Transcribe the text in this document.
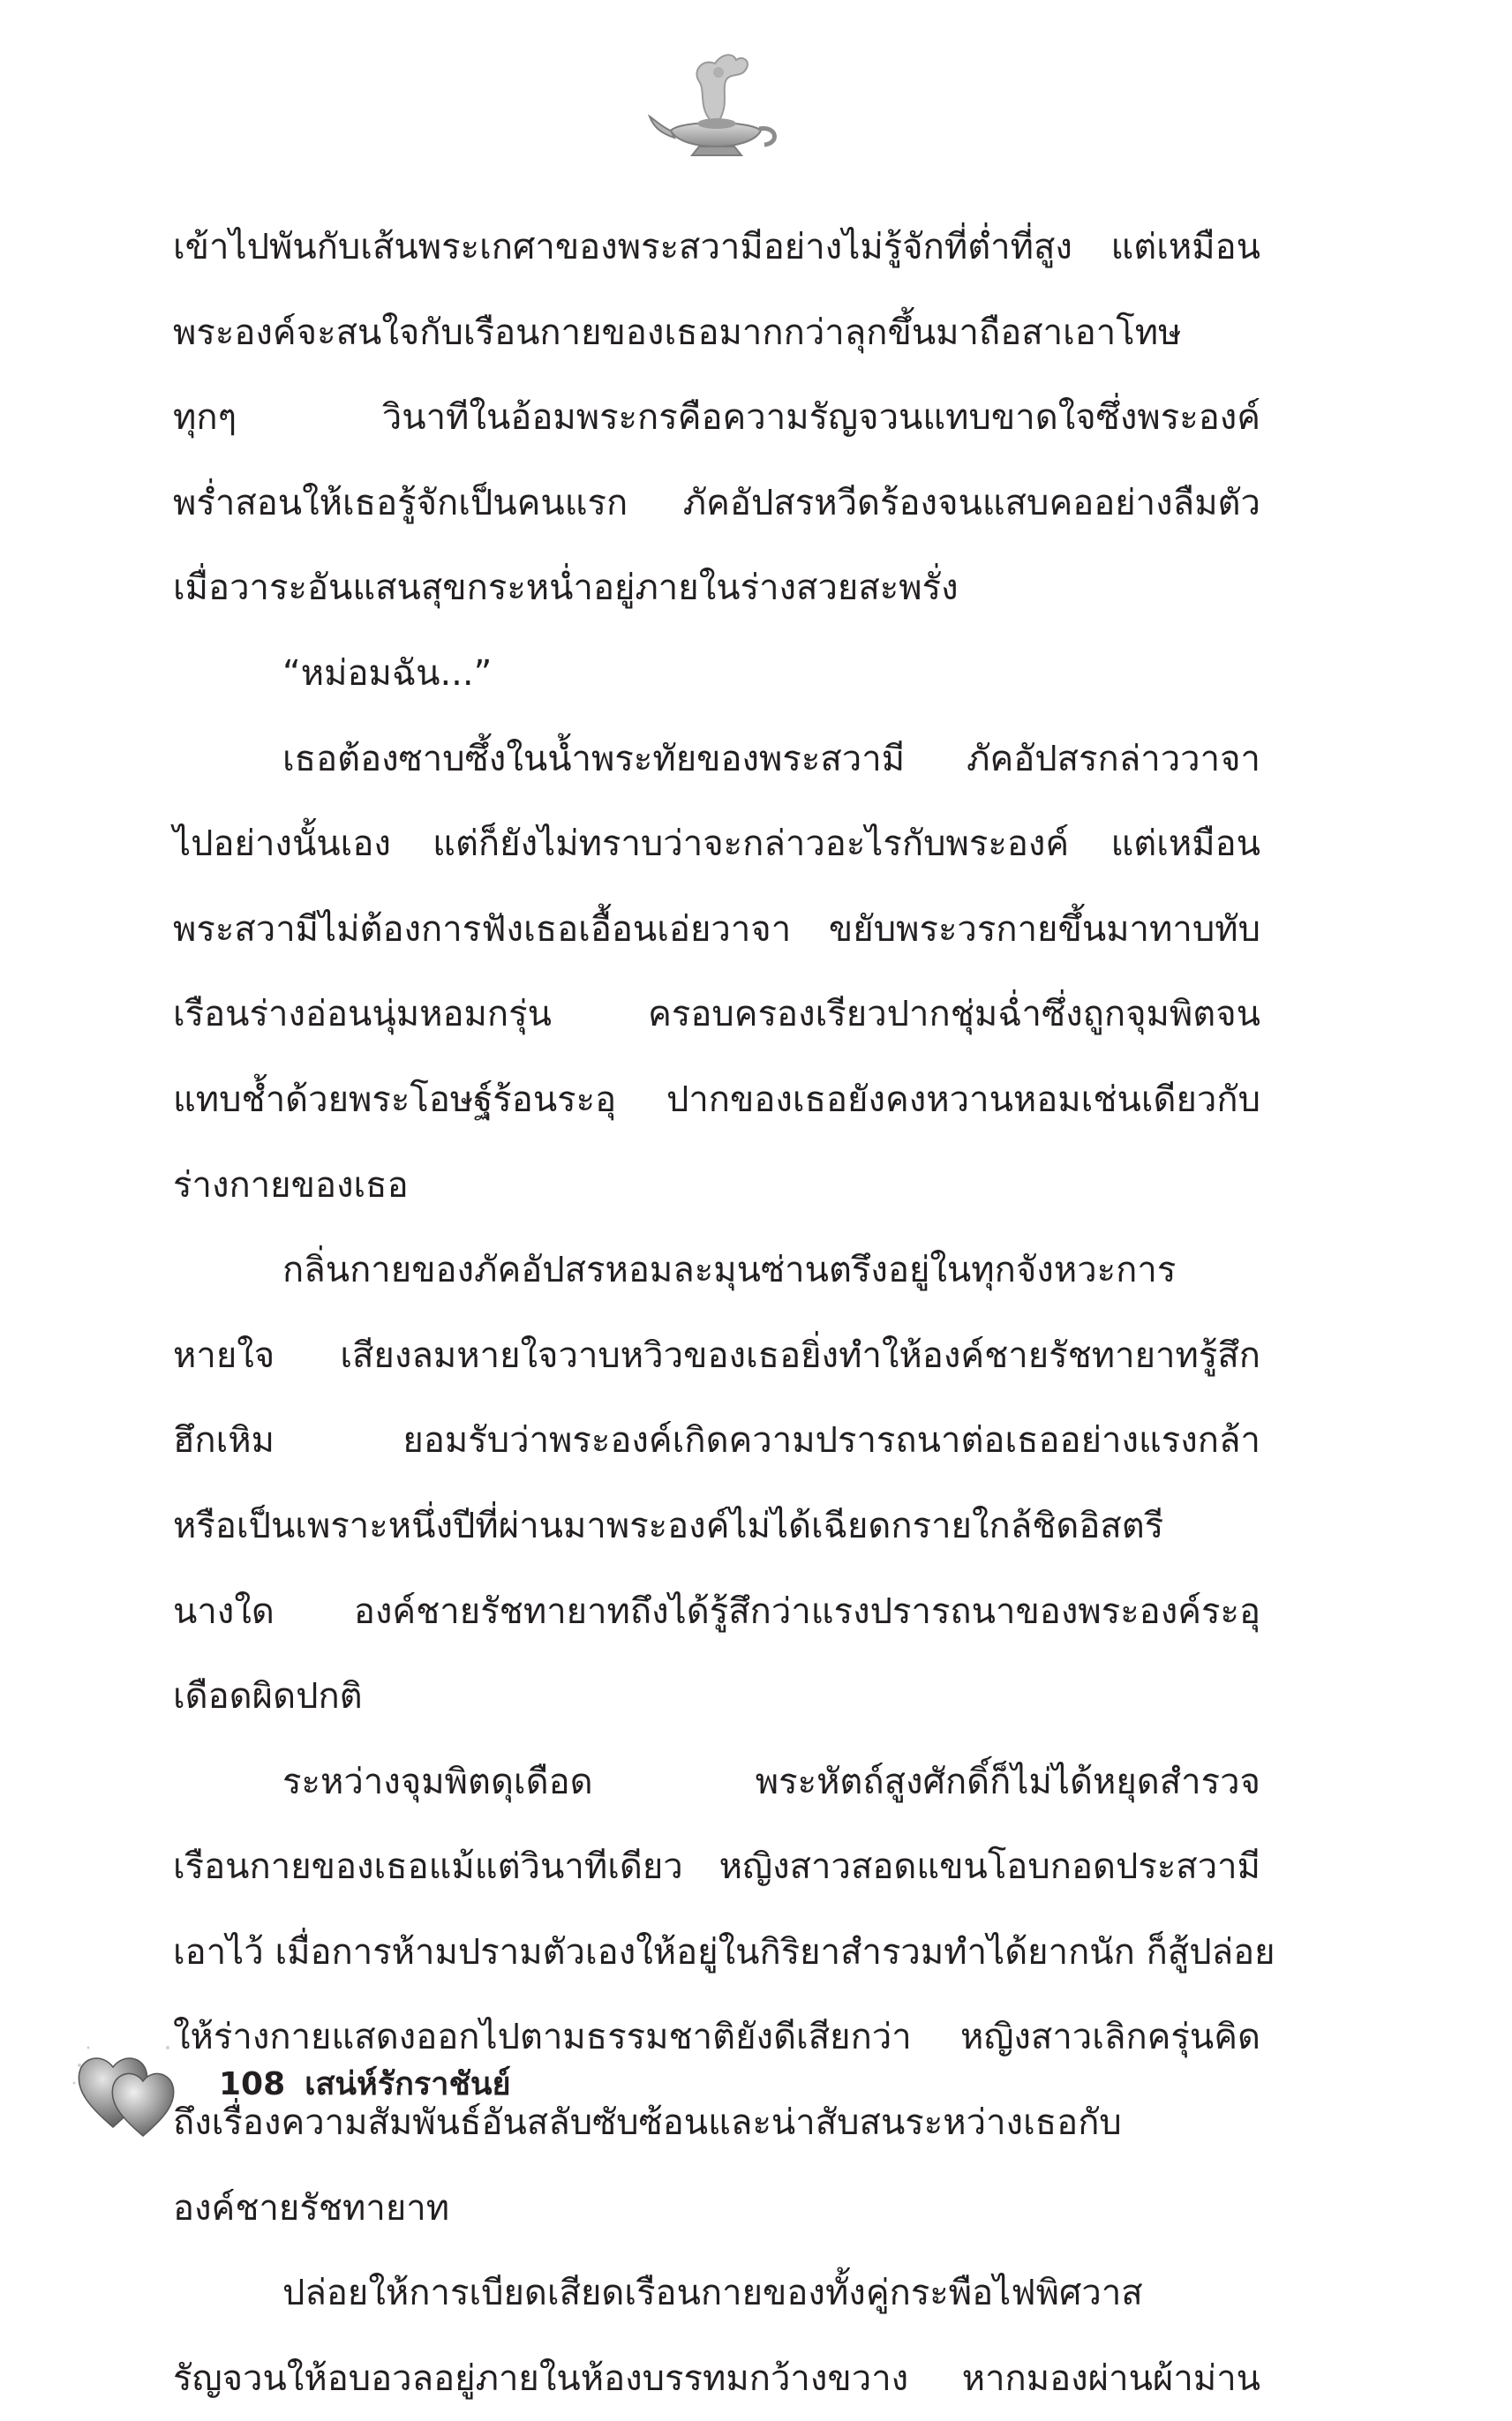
เข้าไปพันกับเส้นพระเกศาของพระสวามีอย่างไม่รู้จักที่ต่ำที่สูง แต่เหมือน
พระองค์จะสนใจกับเรือนกายของเธอมากกว่าลุกขึ้นมาถือสาเอาโทษ
ทุกๆ วินาทีในอ้อมพระกรคือความรัญจวนแทบขาดใจซึ่งพระองค์
พร่ำสอนให้เธอรู้จักเป็นคนแรก ภัคอัปสรหวีดร้องจนแสบคออย่างลืมตัว
เมื่อวาระอันแสนสุขกระหน่ำอยู่ภายในร่างสวยสะพรั่ง
“หม่อมฉัน...”
เธอต้องซาบซึ้งในน้ำพระทัยของพระสวามี ภัคอัปสรกล่าววาจา
ไปอย่างนั้นเอง แต่ก็ยังไม่ทราบว่าจะกล่าวอะไรกับพระองค์ แต่เหมือน
พระสวามีไม่ต้องการฟังเธอเอื้อนเอ่ยวาจา ขยับพระวรกายขึ้นมาทาบทับ
เรือนร่างอ่อนนุ่มหอมกรุ่น ครอบครองเรียวปากชุ่มฉ่ำซึ่งถูกจุมพิตจน
แทบช้ำด้วยพระโอษฐ์ร้อนระอุ ปากของเธอยังคงหวานหอมเช่นเดียวกับ
ร่างกายของเธอ
กลิ่นกายของภัคอัปสรหอมละมุนซ่านตรึงอยู่ในทุกจังหวะการ
หายใจ เสียงลมหายใจวาบหวิวของเธอยิ่งทำให้องค์ชายรัชทายาทรู้สึก
ฮึกเหิม ยอมรับว่าพระองค์เกิดความปรารถนาต่อเธออย่างแรงกล้า
หรือเป็นเพราะหนึ่งปีที่ผ่านมาพระองค์ไม่ได้เฉียดกรายใกล้ชิดอิสตรี
นางใด องค์ชายรัชทายาทถึงได้รู้สึกว่าแรงปรารถนาของพระองค์ระอุ
เดือดผิดปกติ
ระหว่างจุมพิตดุเดือด พระหัตถ์สูงศักดิ์ก็ไม่ได้หยุดสำรวจ
เรือนกายของเธอแม้แต่วินาทีเดียว หญิงสาวสอดแขนโอบกอดประสวามี
เอาไว้ เมื่อการห้ามปรามตัวเองให้อยู่ในกิริยาสำรวมทำได้ยากนัก ก็สู้ปล่อย
ให้ร่างกายแสดงออกไปตามธรรมชาติยังดีเสียกว่า หญิงสาวเลิกครุ่นคิด
ถึงเรื่องความสัมพันธ์อันสลับซับซ้อนและน่าสับสนระหว่างเธอกับ
องค์ชายรัชทายาท
ปล่อยให้การเบียดเสียดเรือนกายของทั้งคู่กระพือไฟพิศวาส
รัญจวนให้อบอวลอยู่ภายในห้องบรรทมกว้างขวาง หากมองผ่านผ้าม่าน
108 เสน่ห์รักราชันย์
